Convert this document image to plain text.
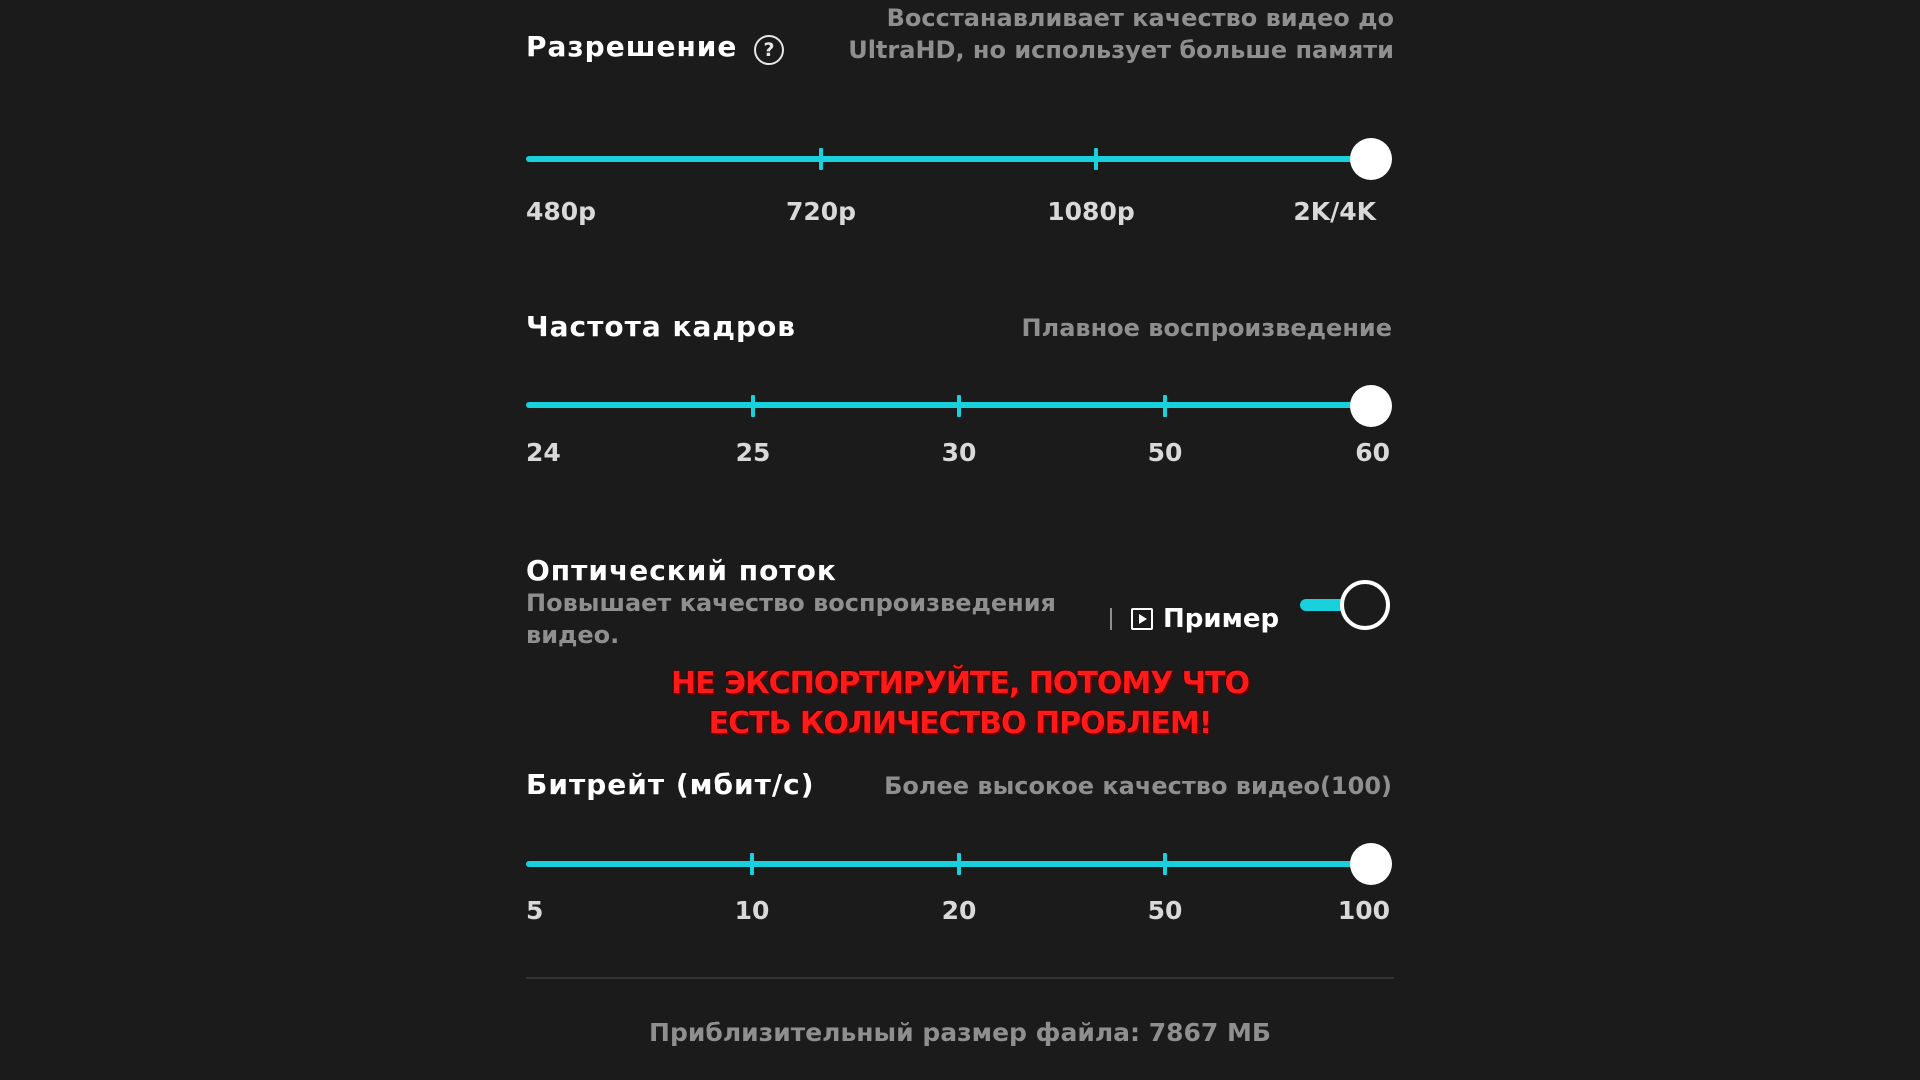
Разрешение	?
Восстанавливает качество видео до UltraHD, но использует больше памяти
480p	720p	1080p	2K/4K
Частота кадров	Плавное воспроизведение
24	25	30	50	60
Оптический поток
Повышает качество воспроизведения видео.
Пример
НЕ ЭКСПОРТИРУЙТЕ, ПОТОМУ ЧТО
ЕСТЬ КОЛИЧЕСТВО ПРОБЛЕМ!
Битрейт (мбит/с)	Более высокое качество видео(100)
5	10	20	50	100
Приблизительный размер файла: 7867 МБ
